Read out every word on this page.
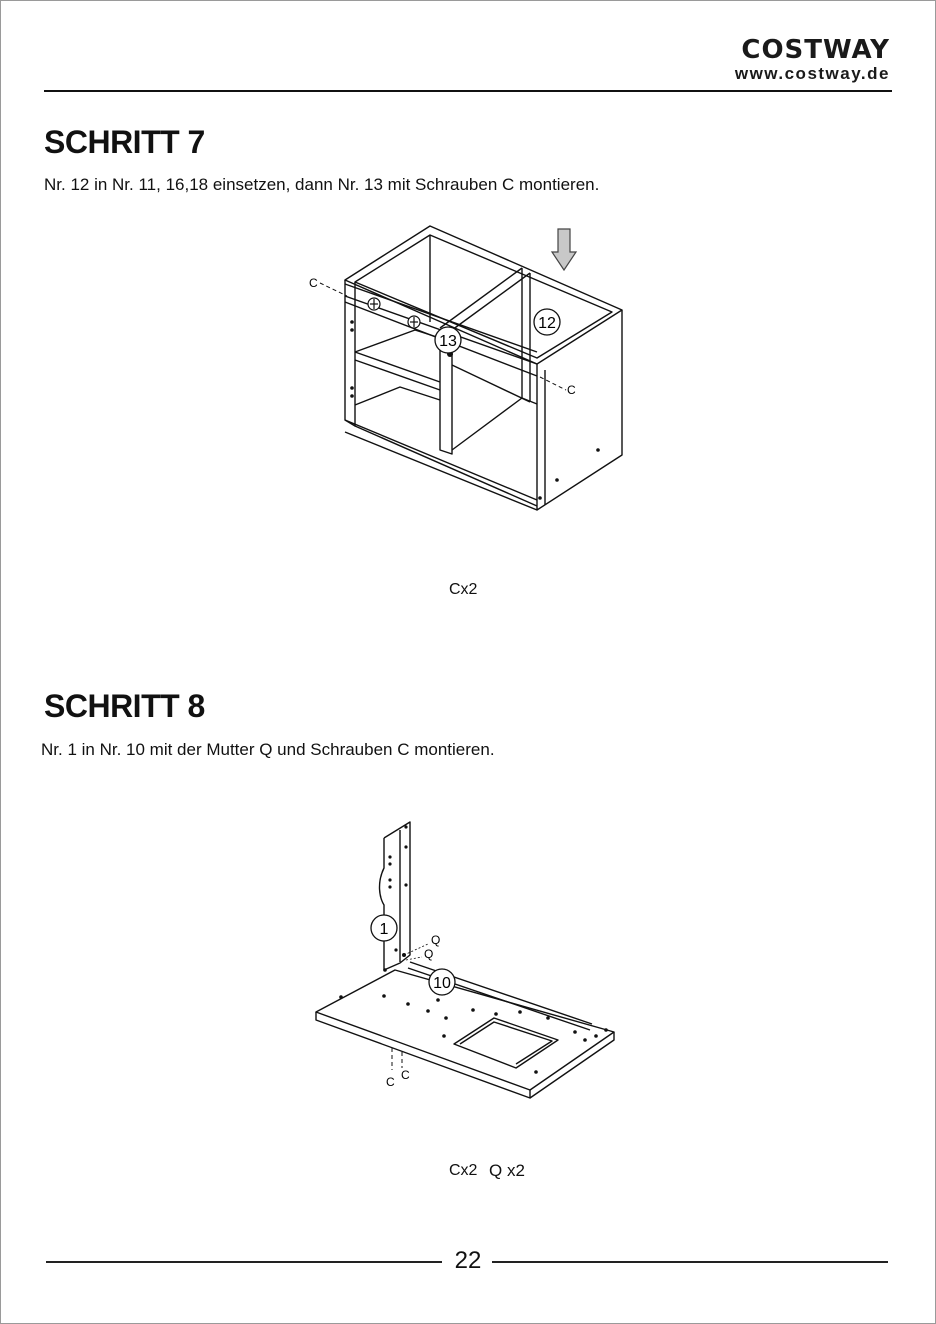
COSTWAY
www.costway.de
SCHRITT 7
Nr. 12 in Nr. 11, 16,18 einsetzen, dann Nr. 13 mit Schrauben C montieren.
C
C
12
13
Cx2
SCHRITT 8
Nr. 1 in Nr. 10 mit der Mutter Q und Schrauben C montieren.
Q
Q
C C
1
10
Cx2 Q x2
22
